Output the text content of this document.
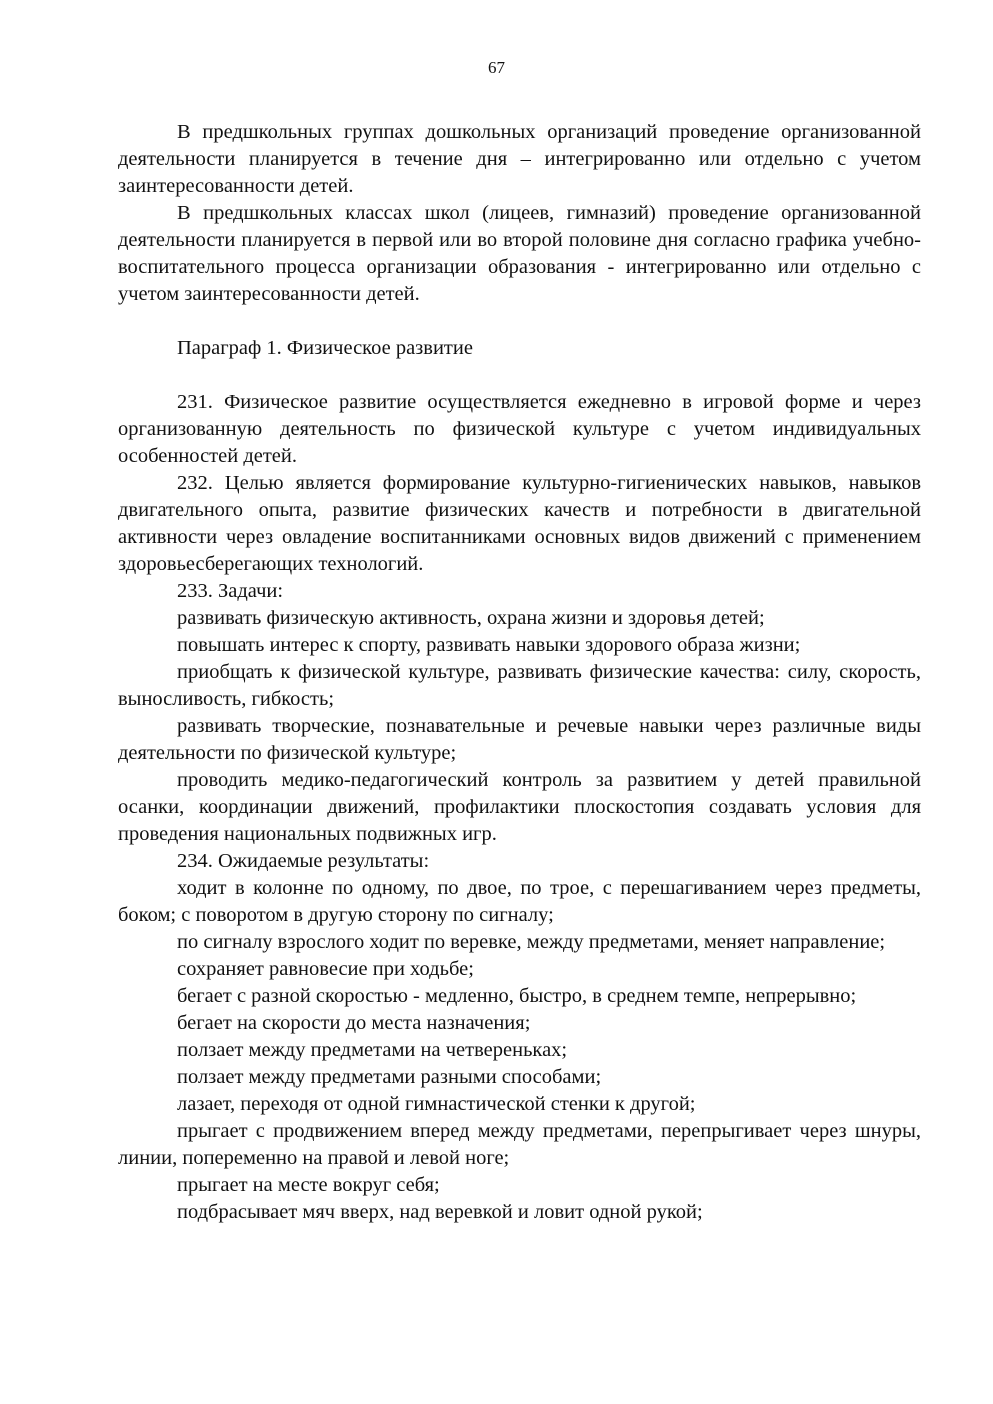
67

В предшкольных группах дошкольных организаций проведение организованной деятельности планируется в течение дня – интегрированно или отдельно с учетом заинтересованности детей.

В предшкольных классах школ (лицеев, гимназий) проведение организованной деятельности планируется в первой или во второй половине дня согласно графика учебно-воспитательного процесса организации образования - интегрированно или отдельно с учетом заинтересованности детей.

Параграф 1. Физическое развитие

231. Физическое развитие осуществляется ежедневно в игровой форме и через организованную деятельность по физической культуре с учетом индивидуальных особенностей детей.

232. Целью является формирование культурно-гигиенических навыков, навыков двигательного опыта, развитие физических качеств и потребности в двигательной активности через овладение воспитанниками основных видов движений с применением здоровьесберегающих технологий.

233. Задачи:

развивать физическую активность, охрана жизни и здоровья детей;

повышать интерес к спорту, развивать навыки здорового образа жизни;

приобщать к физической культуре, развивать физические качества: силу, скорость, выносливость, гибкость;

развивать творческие, познавательные и речевые навыки через различные виды деятельности по физической культуре;

проводить медико-педагогический контроль за развитием у детей правильной осанки, координации движений, профилактики плоскостопия создавать условия для проведения национальных подвижных игр.

234. Ожидаемые результаты:

ходит в колонне по одному, по двое, по трое, с перешагиванием через предметы, боком; с поворотом в другую сторону по сигналу;

по сигналу взрослого ходит по веревке, между предметами, меняет направление;

сохраняет равновесие при ходьбе;

бегает с разной скоростью - медленно, быстро, в среднем темпе, непрерывно;

бегает на скорости до места назначения;

ползает между предметами на четвереньках;

ползает между предметами разными способами;

лазает, переходя от одной гимнастической стенки к другой;

прыгает с продвижением вперед между предметами, перепрыгивает через шнуры, линии, попеременно на правой и левой ноге;

прыгает на месте вокруг себя;

подбрасывает мяч вверх, над веревкой и ловит одной рукой;
